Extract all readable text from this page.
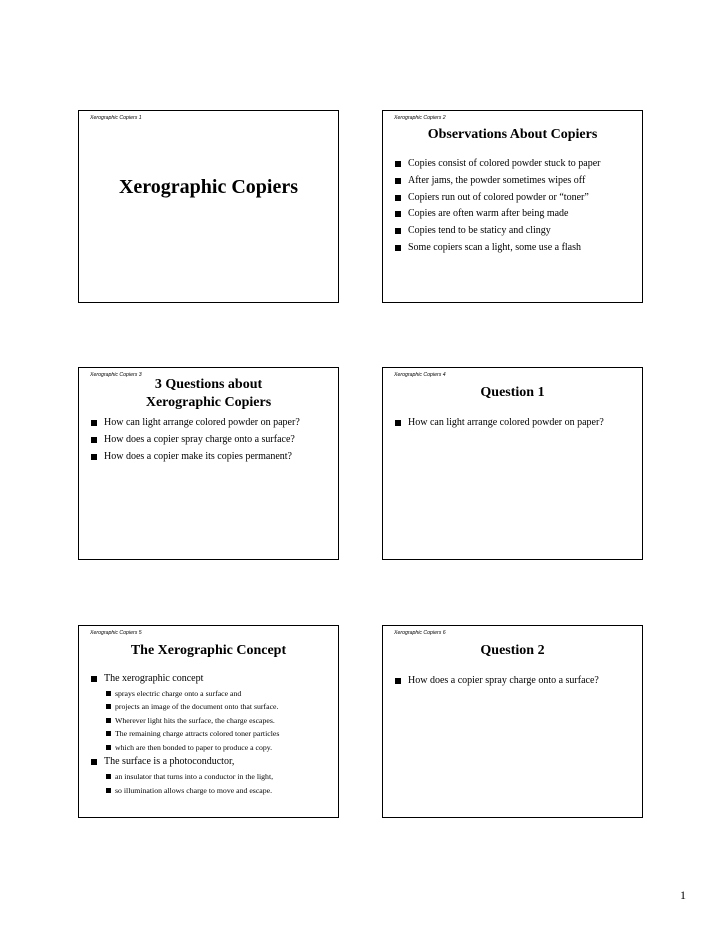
Xerographic Copiers 1
Xerographic Copiers
Xerographic Copiers 2
Observations About Copiers
Copies consist of colored powder stuck to paper
After jams, the powder sometimes wipes off
Copiers run out of colored powder or “toner”
Copies are often warm after being made
Copies tend to be staticy and clingy
Some copiers scan a light, some use a flash
Xerographic Copiers 3
3 Questions about
Xerographic Copiers
How can light arrange colored powder on paper?
How does a copier spray charge onto a surface?
How does a copier make its copies permanent?
Xerographic Copiers 4
Question 1
How can light arrange colored powder on paper?
Xerographic Copiers 5
The Xerographic Concept
The xerographic concept
sprays electric charge onto a surface and
projects an image of the document onto that surface.
Wherever light hits the surface, the charge escapes.
The remaining charge attracts colored toner particles
which are then bonded to paper to produce a copy.
The surface is a photoconductor,
an insulator that turns into a conductor in the light,
so illumination allows charge to move and escape.
Xerographic Copiers 6
Question 2
How does a copier spray charge onto a surface?
1
